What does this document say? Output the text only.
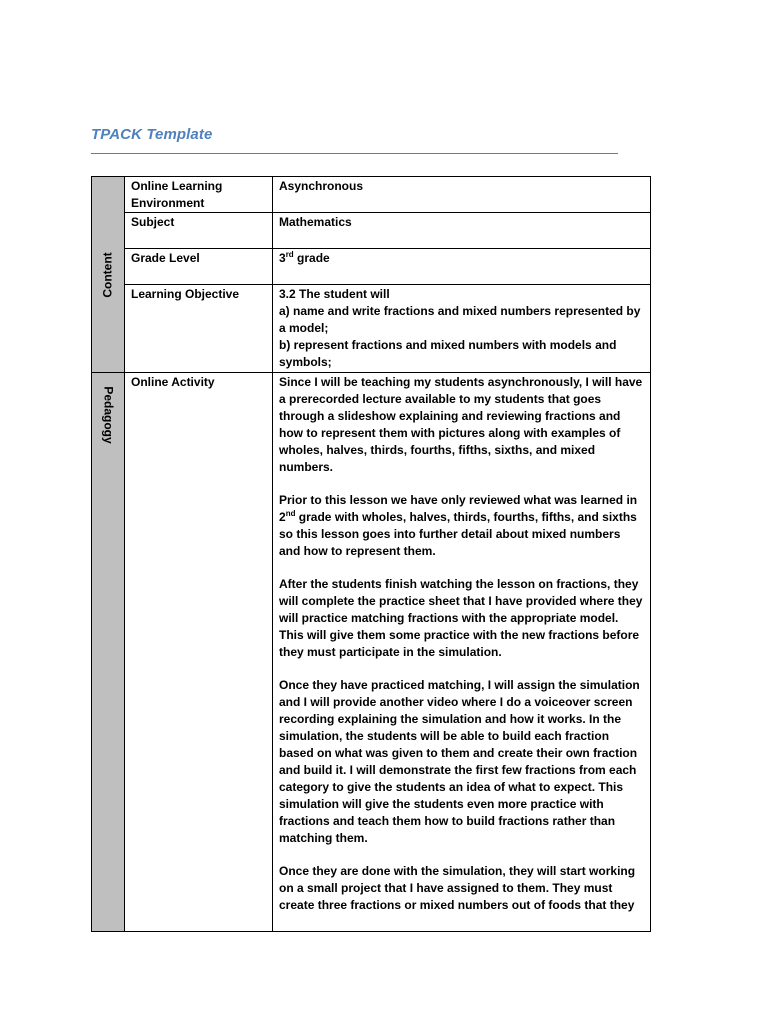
TPACK Template
Content	Online Learning Environment	Asynchronous
	Subject	Mathematics
	Grade Level	3rd grade
	Learning Objective	3.2 The student will
a) name and write fractions and mixed numbers represented by a model;
b) represent fractions and mixed numbers with models and symbols;

Pedagogy	Online Activity	Since I will be teaching my students asynchronously, I will have a prerecorded lecture available to my students that goes through a slideshow explaining and reviewing fractions and how to represent them with pictures along with examples of wholes, halves, thirds, fourths, fifths, sixths, and mixed numbers.
Prior to this lesson we have only reviewed what was learned in 2nd grade with wholes, halves, thirds, fourths, fifths, and sixths so this lesson goes into further detail about mixed numbers and how to represent them.
After the students finish watching the lesson on fractions, they will complete the practice sheet that I have provided where they will practice matching fractions with the appropriate model. This will give them some practice with the new fractions before they must participate in the simulation.
Once they have practiced matching, I will assign the simulation and I will provide another video where I do a voiceover screen recording explaining the simulation and how it works. In the simulation, the students will be able to build each fraction based on what was given to them and create their own fraction and build it. I will demonstrate the first few fractions from each category to give the students an idea of what to expect. This simulation will give the students even more practice with fractions and teach them how to build fractions rather than matching them.
Once they are done with the simulation, they will start working on a small project that I have assigned to them. They must create three fractions or mixed numbers out of foods that they
